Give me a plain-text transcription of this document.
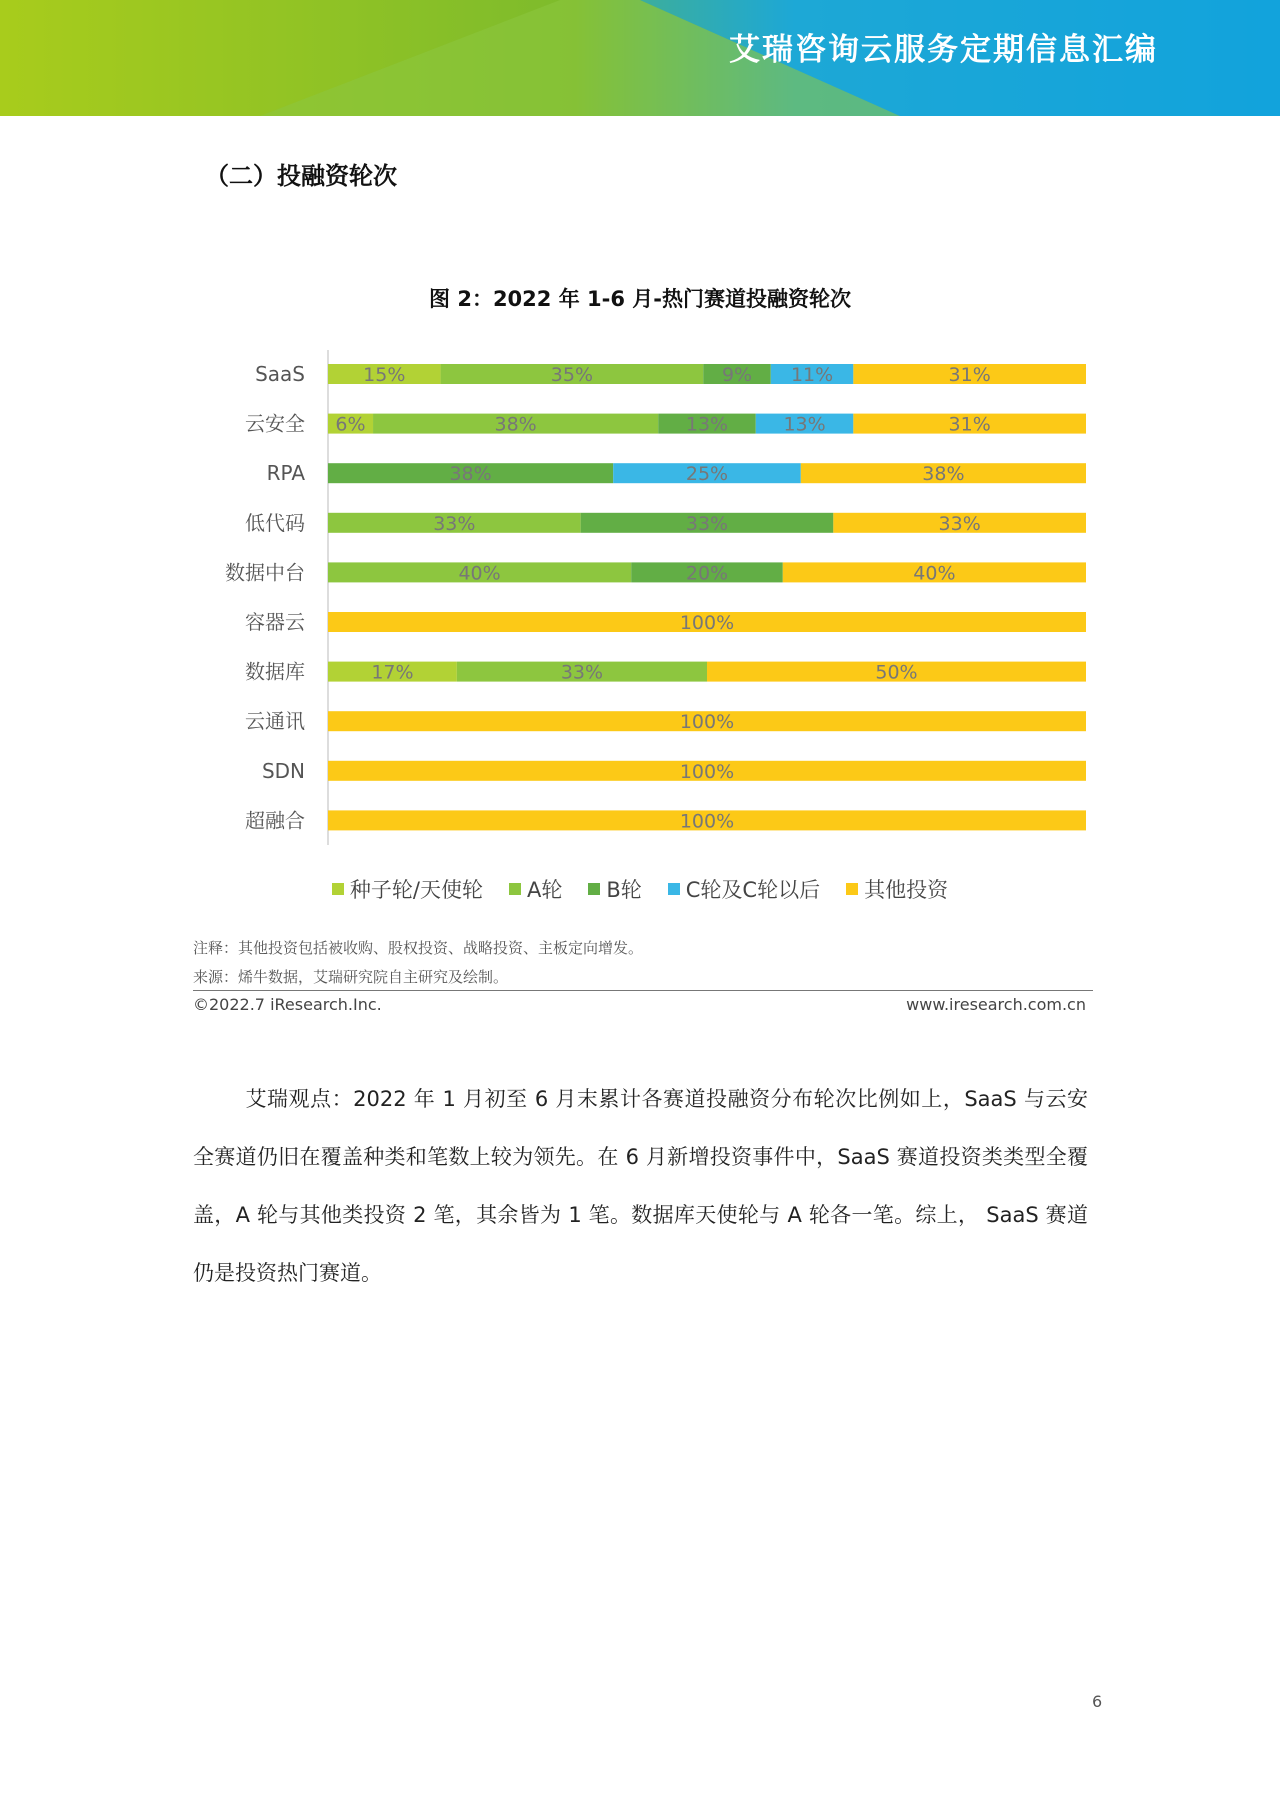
艾瑞咨询云服务定期信息汇编
（二）投融资轮次
图 2：2022 年 1-6 月-热门赛道投融资轮次
SaaS	15%	35%	9% 11%	31%
云安全 6%	38%	13%	13%	31%
RPA	38%	25%	38%
低代码	33%	33%	33%
数据中台	40%	20%	40%
容器云	100%
数据库	17%	33%	50%
云通讯	100%
SDN	100%
超融合	100%
种子轮/天使轮 A轮 B轮 C轮及C轮以后 其他投资
注释：其他投资包括被收购、股权投资、战略投资、主板定向增发。
来源：烯牛数据，艾瑞研究院自主研究及绘制。
©2022.7 iResearch.Inc.	www.iresearch.com.cn
艾瑞观点：2022 年 1 月初至 6 月末累计各赛道投融资分布轮次比例如上，SaaS 与云安全赛道仍旧在覆盖种类和笔数上较为领先。在 6 月新增投资事件中，SaaS 赛道投资类类型全覆盖，A 轮与其他类投资 2 笔，其余皆为 1 笔。数据库天使轮与 A 轮各一笔。综上， SaaS 赛道仍是投资热门赛道。
6
